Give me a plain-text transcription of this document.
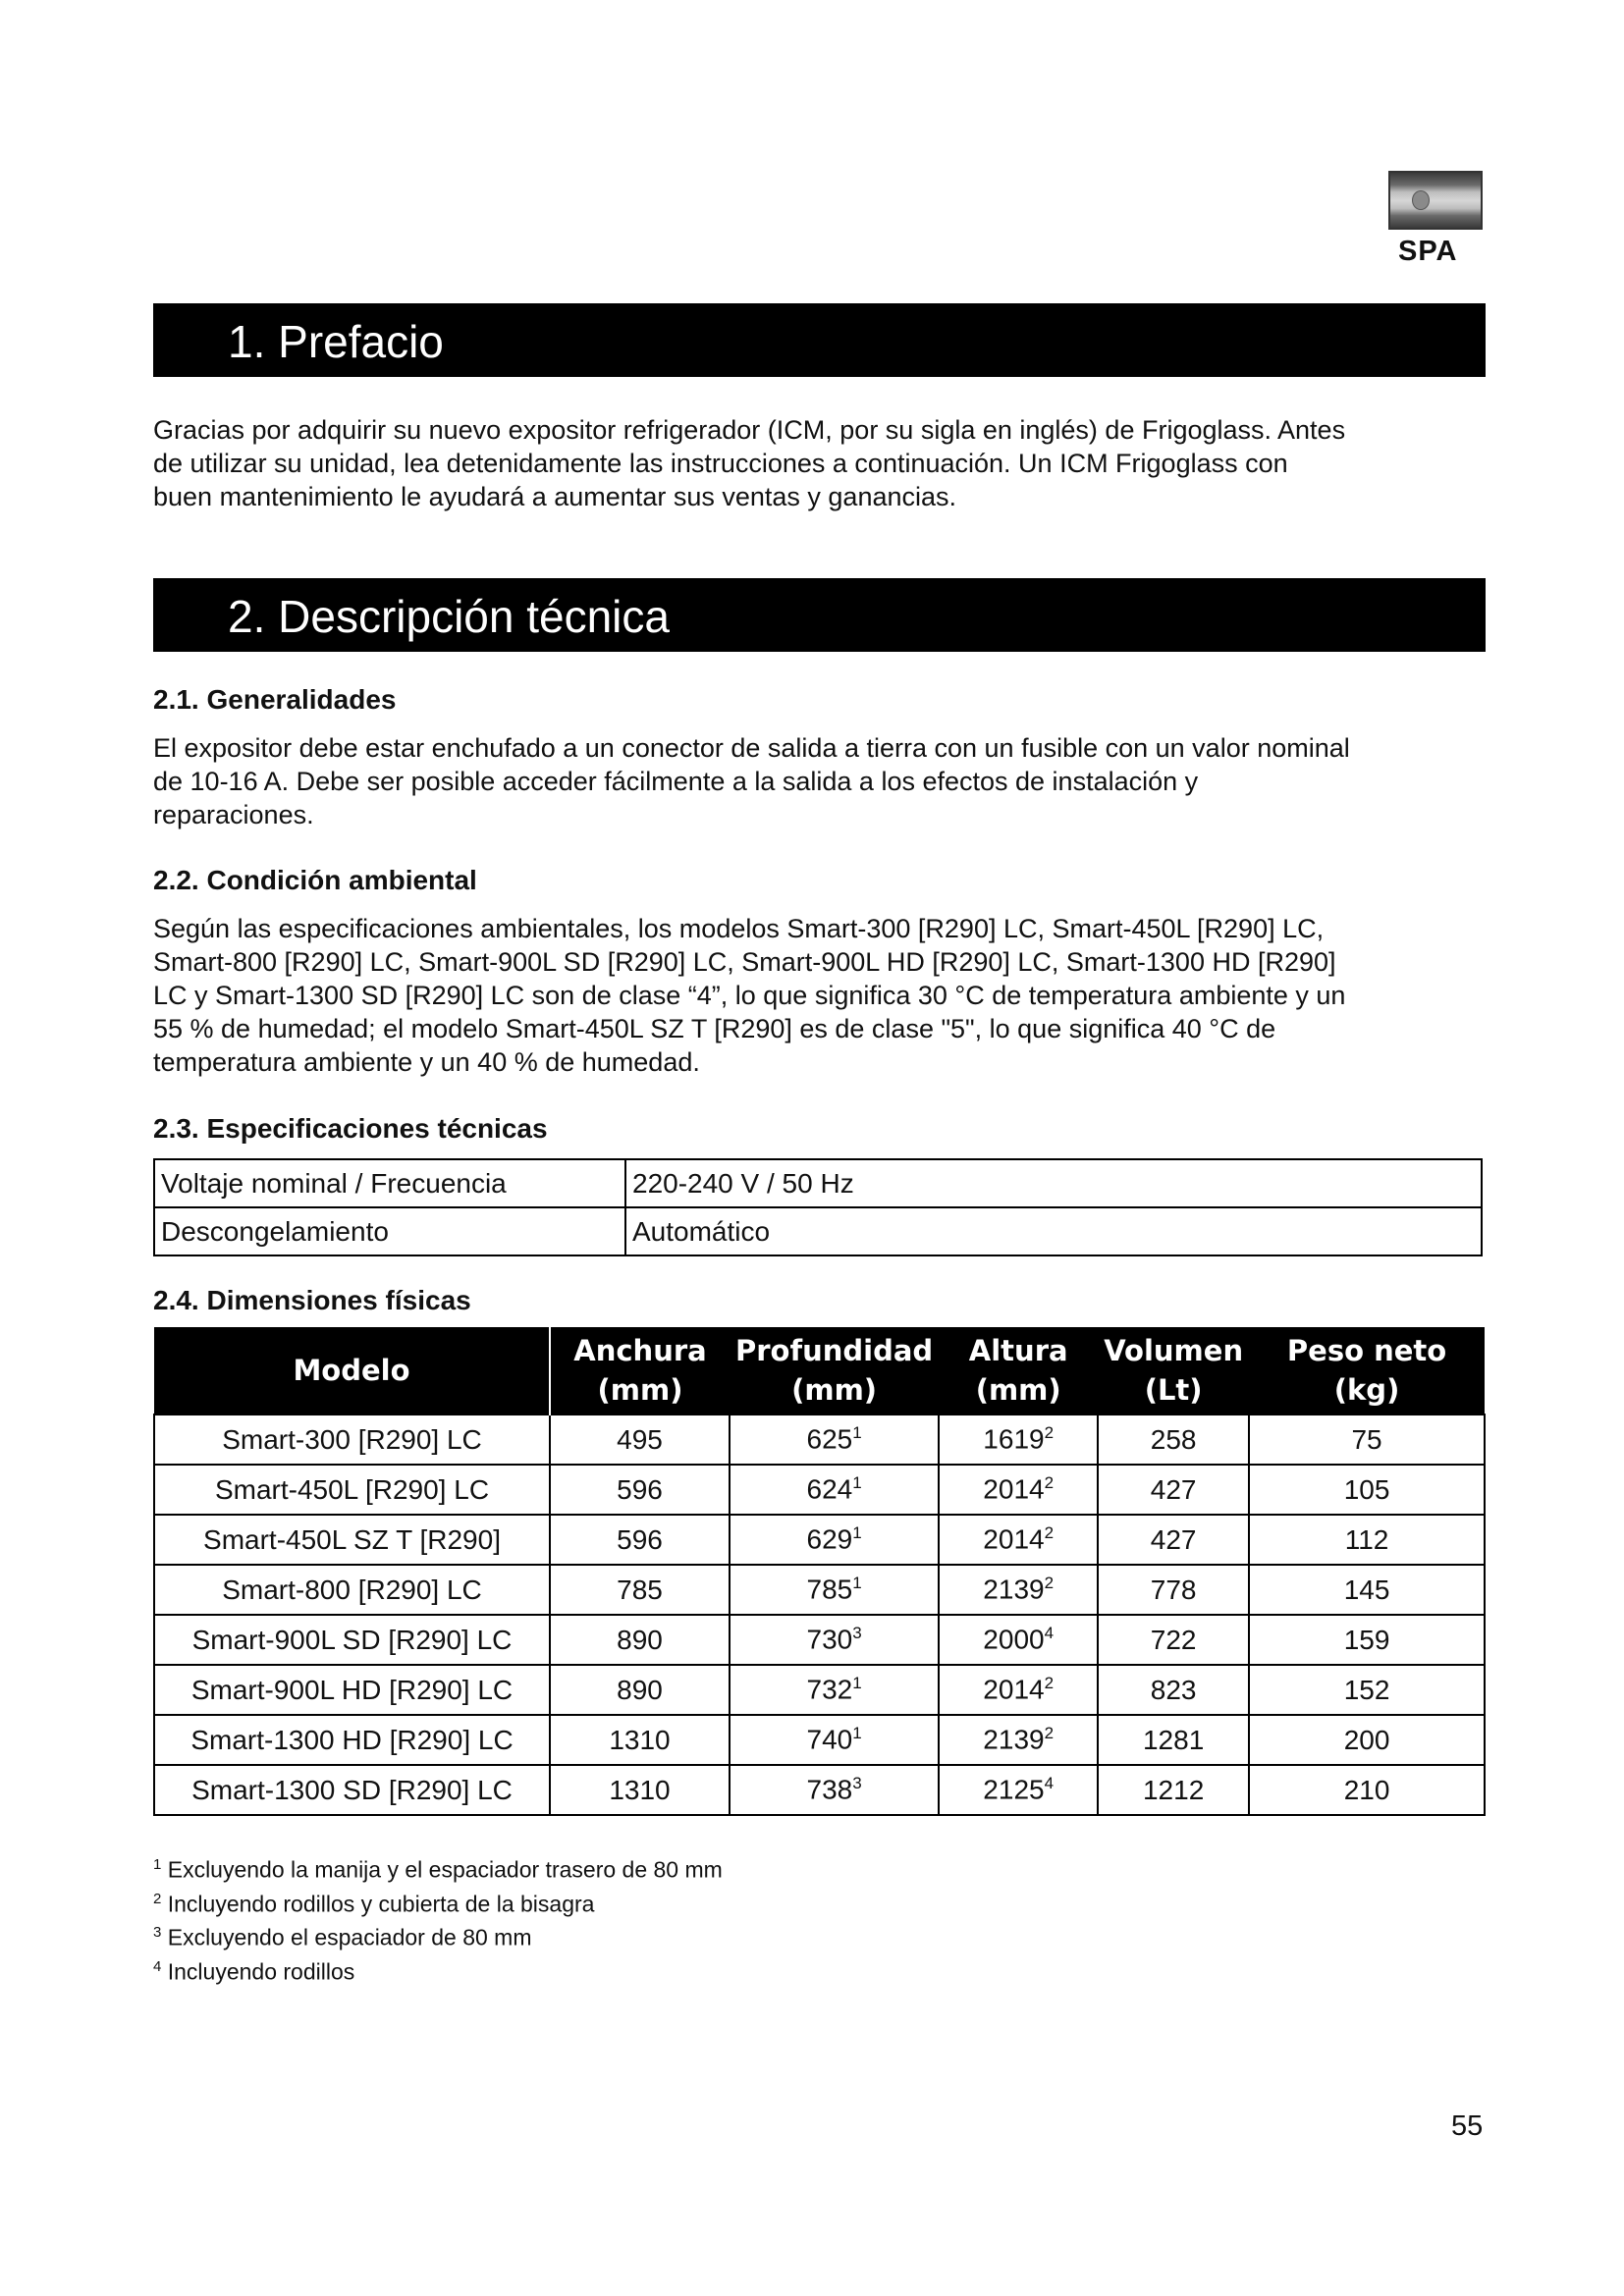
SPA
1. Prefacio
Gracias por adquirir su nuevo expositor refrigerador (ICM, por su sigla en inglés) de Frigoglass. Antes
de utilizar su unidad, lea detenidamente las instrucciones a continuación. Un ICM Frigoglass con
buen mantenimiento le ayudará a aumentar sus ventas y ganancias.
2. Descripción técnica
2.1. Generalidades
El expositor debe estar enchufado a un conector de salida a tierra con un fusible con un valor nominal
de 10-16 A. Debe ser posible acceder fácilmente a la salida a los efectos de instalación y
reparaciones.
2.2. Condición ambiental
Según las especificaciones ambientales, los modelos Smart-300 [R290] LC, Smart-450L [R290] LC,
Smart-800 [R290] LC, Smart-900L SD [R290] LC, Smart-900L HD [R290] LC, Smart-1300 HD [R290]
LC y Smart-1300 SD [R290] LC son de clase “4”, lo que significa 30 °C de temperatura ambiente y un
55 % de humedad; el modelo Smart-450L SZ T [R290] es de clase "5", lo que significa 40 °C de
temperatura ambiente y un 40 % de humedad.
2.3. Especificaciones técnicas
Voltaje nominal / Frecuencia	220-240 V / 50 Hz
Descongelamiento	Automático
2.4. Dimensiones físicas
Modelo	Anchura (mm)	Profundidad (mm)	Altura (mm)	Volumen (Lt)	Peso neto (kg)
Smart-300 [R290] LC	495	$625^1$	1619$^2$	258	75
Smart-450L [R290] LC	596	$624^1$	2014$^2$	427	105
Smart-450L SZ T [R290]	596	$629^1$	2014$^2$	427	112
Smart-800 [R290] LC	785	$785^1$	2139$^2$	778	145
Smart-900L SD [R290] LC	890	$730^3$	2000$^4$	722	159
Smart-900L HD [R290] LC	890	$732^1$	2014$^2$	823	152
Smart-1300 HD [R290] LC	1310	$740^1$	2139$^2$	1281	200
Smart-1300 SD [R290] LC	1310	$738^3$	2125$^4$	1212	210
$^1$ Excluyendo la manija y el espaciador trasero de 80 mm
$^2$ Incluyendo rodillos y cubierta de la bisagra
$^3$ Excluyendo el espaciador de 80 mm
$^4$ Incluyendo rodillos
55
